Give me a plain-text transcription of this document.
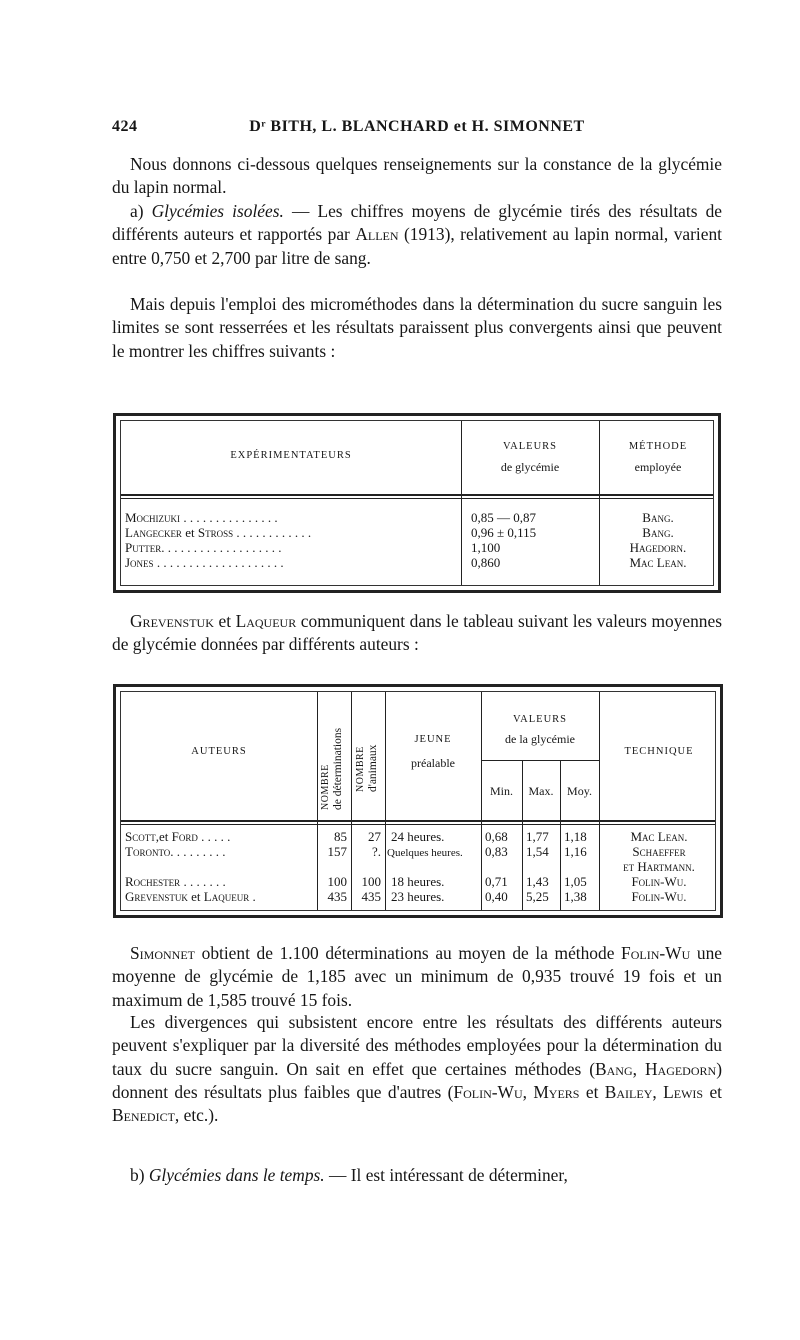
424	Dʳ BITH, L. BLANCHARD et H. SIMONNET

Nous donnons ci-dessous quelques renseignements sur la constance de la glycémie du lapin normal.

a) Glycémies isolées. — Les chiffres moyens de glycémie tirés des résultats de différents auteurs et rapportés par Allen (1913), relativement au lapin normal, varient entre 0,750 et 2,700 par litre de sang.

Mais depuis l'emploi des microméthodes dans la détermination du sucre sanguin les limites se sont resserrées et les résultats paraissent plus convergents ainsi que peuvent le montrer les chiffres suivants :

EXPÉRIMENTATEURS
VALEURS
de glycémie
MÉTHODE
employée
Mochizuki . . . . . . . . . . . . . . .	0,85 — 0,87	Bang.
Langecker et Stross . . . . . . . . . . . .	0,96 ± 0,115	Bang.
Putter. . . . . . . . . . . . . . . . . . .	1,100	Hagedorn.
Jones . . . . . . . . . . . . . . . . . . . .	0,860	Mac Lean.

Grevenstuk et Laqueur communiquent dans le tableau suivant les valeurs moyennes de glycémie données par différents auteurs :

AUTEURS
NOMBRE
de déterminations NOMBRE
d'animaux
JEUNE
préalable
VALEURS
de la glycémie
Min.	Max.	Moy.
TECHNIQUE
Scott,et Ford . . . . .	85	27 24 heures.	0,68 1,77 1,18	Mac Lean.
Toronto. . . . . . . . .	157	?. Quelques heures. 0,83 1,54 1,16	Schaeffer
et Hartmann.
Rochester . . . . . . .	100	100 18 heures.	0,71 1,43 1,05	Folin-Wu.
Grevenstuk et Laqueur .	435	435 23 heures.	0,40 5,25 1,38	Folin-Wu.

Simonnet obtient de 1.100 déterminations au moyen de la méthode Folin-Wu une moyenne de glycémie de 1,185 avec un minimum de 0,935 trouvé 19 fois et un maximum de 1,585 trouvé 15 fois.

Les divergences qui subsistent encore entre les résultats des différents auteurs peuvent s'expliquer par la diversité des méthodes employées pour la détermination du taux du sucre sanguin. On sait en effet que certaines méthodes (Bang, Hagedorn) donnent des résultats plus faibles que d'autres (Folin-Wu, Myers et Bailey, Lewis et Benedict, etc.).

b) Glycémies dans le temps. — Il est intéressant de déterminer,
